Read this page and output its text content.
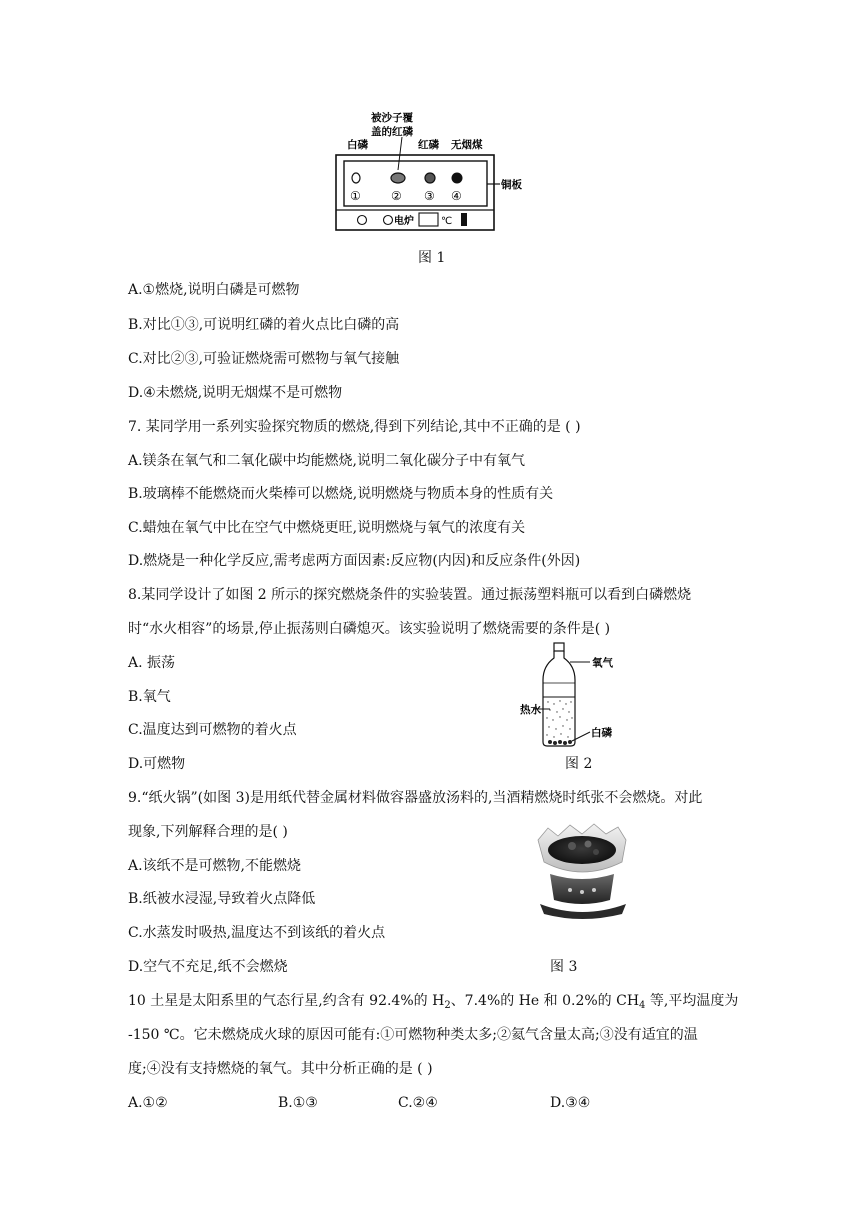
被沙子覆
盖的红磷
白磷	红磷 无烟煤
①	② ③ ④
铜板
电炉	℃
图 1
A.①燃烧,说明白磷是可燃物
B.对比①③,可说明红磷的着火点比白磷的高
C.对比②③,可验证燃烧需可燃物与氧气接触
D.④未燃烧,说明无烟煤不是可燃物
7. 某同学用一系列实验探究物质的燃烧,得到下列结论,其中不正确的是 ( )
A.镁条在氧气和二氧化碳中均能燃烧,说明二氧化碳分子中有氧气
B.玻璃棒不能燃烧而火柴棒可以燃烧,说明燃烧与物质本身的性质有关
C.蜡烛在氧气中比在空气中燃烧更旺,说明燃烧与氧气的浓度有关
D.燃烧是一种化学反应,需考虑两方面因素:反应物(内因)和反应条件(外因)
8.某同学设计了如图 2 所示的探究燃烧条件的实验装置。通过振荡塑料瓶可以看到白磷燃烧
时“水火相容”的场景,停止振荡则白磷熄灭。该实验说明了燃烧需要的条件是( )
A. 振荡
B.氧气
C.温度达到可燃物的着火点
D.可燃物
氧气
热水
白磷
图 2
9.“纸火锅”(如图 3)是用纸代替金属材料做容器盛放汤料的,当酒精燃烧时纸张不会燃烧。对此
现象,下列解释合理的是( )
A.该纸不是可燃物,不能燃烧
B.纸被水浸湿,导致着火点降低
C.水蒸发时吸热,温度达不到该纸的着火点
D.空气不充足,纸不会燃烧	图 3
10 土星是太阳系里的气态行星,约含有 92.4%的 $H_2$、7.4%的 He 和 0.2%的 $CH_4$ 等,平均温度为
-150 ℃。它未燃烧成火球的原因可能有:①可燃物种类太多;②氦气含量太高;③没有适宜的温
度;④没有支持燃烧的氧气。其中分析正确的是 ( )
A.①②	B.①③	C.②④	D.③④
